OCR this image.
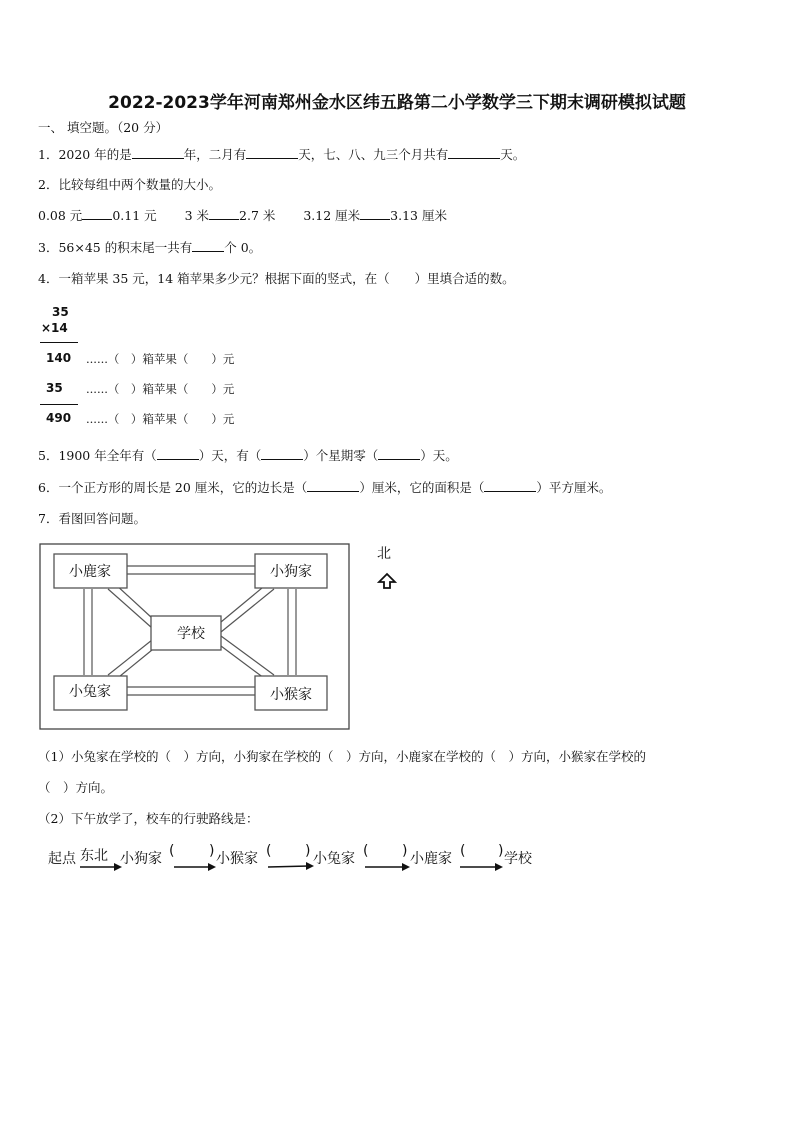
2022-2023学年河南郑州金水区纬五路第二小学数学三下期末调研模拟试题
一、 填空题。（20 分）
1．2020 年的是	年，二月有	天，七、八、九三个月共有	天。
2．比较每组中两个数量的大小。
0.08 元 0.11 元 3 米 2.7 米 3.12 厘米 3.13 厘米
3．56×45 的积末尾一共有	个 0。
4．一箱苹果 35 元，14 箱苹果多少元？根据下面的竖式，在（　　）里填合适的数。
35
×14
140 ......（　）箱苹果（　　）元
35 ......（　）箱苹果（　　）元
490 ......（　）箱苹果（　　）元
5．1900 年全年有（	）天，有（	）个星期零（	）天。
6．一个正方形的周长是 20 厘米，它的边长是（	）厘米，它的面积是（	）平方厘米。
7．看图回答问题。
小鹿家	小狗家
学校
小兔家	小猴家
北
（1）小兔家在学校的（　）方向，小狗家在学校的（　）方向，小鹿家在学校的（　）方向，小猴家在学校的
（　）方向。
（2）下午放学了，校车的行驶路线是：
起点 东北 小狗家	小猴家	小兔家	小鹿家	学校
( )	( )	( )	( )
